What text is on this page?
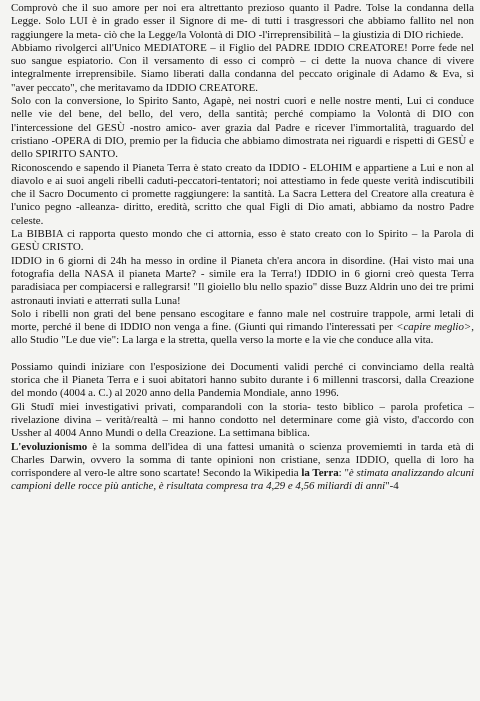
Comprovò che il suo amore per noi era altrettanto prezioso quanto il Padre. Tolse la condanna della Legge. Solo LUI è in grado esser il Signore di me- di tutti i trasgressori che abbiamo fallito nel non raggiungere la meta- ciò che la Legge/la Volontà di DIO -l'irreprensibilità – la giustizia di DIO richiede.

Abbiamo rivolgerci all'Unico MEDIATORE – il Figlio del PADRE IDDIO CREATORE! Porre fede nel suo sangue espiatorio. Con il versamento di esso ci comprò – ci dette la nuova chance di vivere integralmente irreprensibile. Siamo liberati dalla condanna del peccato originale di Adamo & Eva, sì "aver peccato", che meritavamo da IDDIO CREATORE.

Solo con la conversione, lo Spirito Santo, Agapè, nei nostri cuori e nelle nostre menti, Lui ci conduce nelle vie del bene, del bello, del vero, della santità; perché compiamo la Volontà di DIO con l'intercessione del GESÙ -nostro amico- aver grazia dal Padre e ricever l'immortalità, traguardo del cristiano -OPERA di DIO, premio per la fiducia che abbiamo dimostrata nei riguardi e rispetti di GESÙ e dello SPIRITO SANTO.

Riconoscendo e sapendo il Pianeta Terra è stato creato da IDDIO - ELOHIM e appartiene a Lui e non al diavolo e ai suoi angeli ribelli caduti-peccatori-tentatori; noi attestiamo in fede queste verità indiscutibili che il Sacro Documento ci promette raggiungere: la santità. La Sacra Lettera del Creatore alla creatura è l'unico pegno -alleanza- diritto, eredità, scritto che qual Figli di Dio amati, abbiamo da nostro Padre celeste.

La BIBBIA ci rapporta questo mondo che ci attornia, esso è stato creato con lo Spirito – la Parola di GESÙ CRISTO.

IDDIO in 6 giorni di 24h ha messo in ordine il Pianeta ch'era ancora in disordine. (Hai visto mai una fotografia della NASA il pianeta Marte? - simile era la Terra!) IDDIO in 6 giorni creò questa Terra paradisiaca per compiacersi e rallegrarsi! "Il gioiello blu nello spazio" disse Buzz Aldrin uno dei tre primi astronauti inviati e atterrati sulla Luna!

Solo i ribelli non grati del bene pensano escogitare e fanno male nel costruire trappole, armi letali di morte, perché il bene di IDDIO non venga a fine. (Giunti qui rimando l'interessati per <capire meglio>, allo Studio "Le due vie": La larga e la stretta, quella verso la morte e la vie che conduce alla vita.

Possiamo quindi iniziare con l'esposizione dei Documenti validi perché ci convinciamo della realtà storica che il Pianeta Terra e i suoi abitatori hanno subito durante i 6 millenni trascorsi, dalla Creazione del mondo (4004 a. C.) al 2020 anno della Pandemia Mondiale, anno 1996.

Gli Studî miei investigativi privati, comparandoli con la storia- testo biblico – parola profetica – rivelazione divina – verità/realtà – mi hanno condotto nel determinare come già visto, d'accordo con Ussher al 4004 Anno Mundi o della Creazione. La settimana biblica.

L'evoluzionismo è la somma dell'idea di una fattesi umanità o scienza provemiemti in tarda età di Charles Darwin, ovvero la somma di tante opinioni non cristiane, senza IDDIO, quella di loro ha corrispondere al vero-le altre sono scartate! Secondo la Wikipedia la Terra: "è stimata analizzando alcuni campioni delle rocce più antiche, è risultata compresa tra 4,29 e 4,56 miliardi di anni"-4
